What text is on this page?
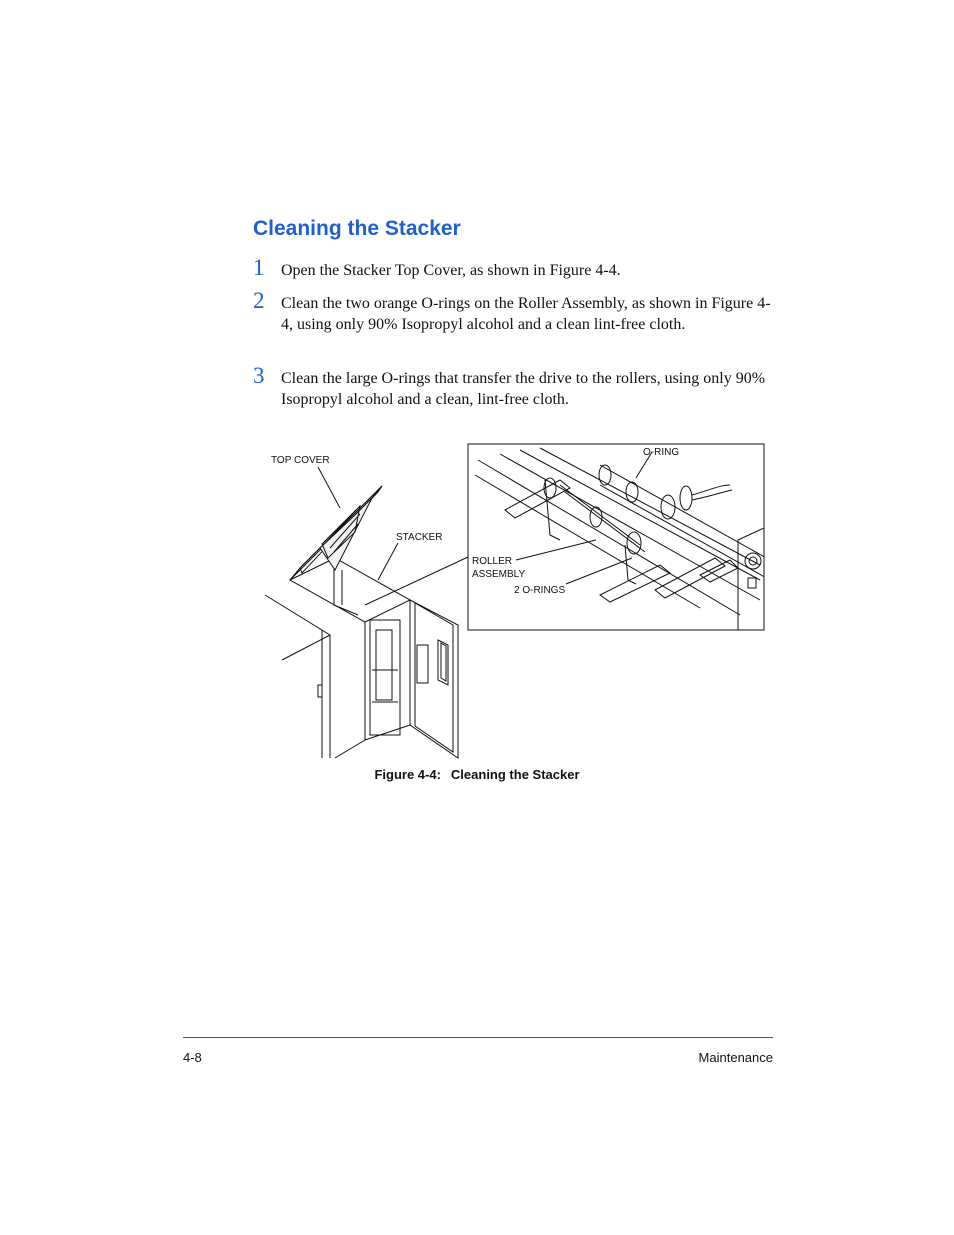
Cleaning the Stacker
1 Open the Stacker Top Cover, as shown in Figure 4-4.
2 Clean the two orange O-rings on the Roller Assembly, as shown in Figure 4-4, using only 90% Isopropyl alcohol and a clean lint-free cloth.
3 Clean the large O-rings that transfer the drive to the rollers, using only 90% Isopropyl alcohol and a clean, lint-free cloth.
TOP COVER
STACKER
O-RING
ROLLER
ASSEMBLY
2 O-RINGS
Figure 4-4: Cleaning the Stacker
4-8	Maintenance
